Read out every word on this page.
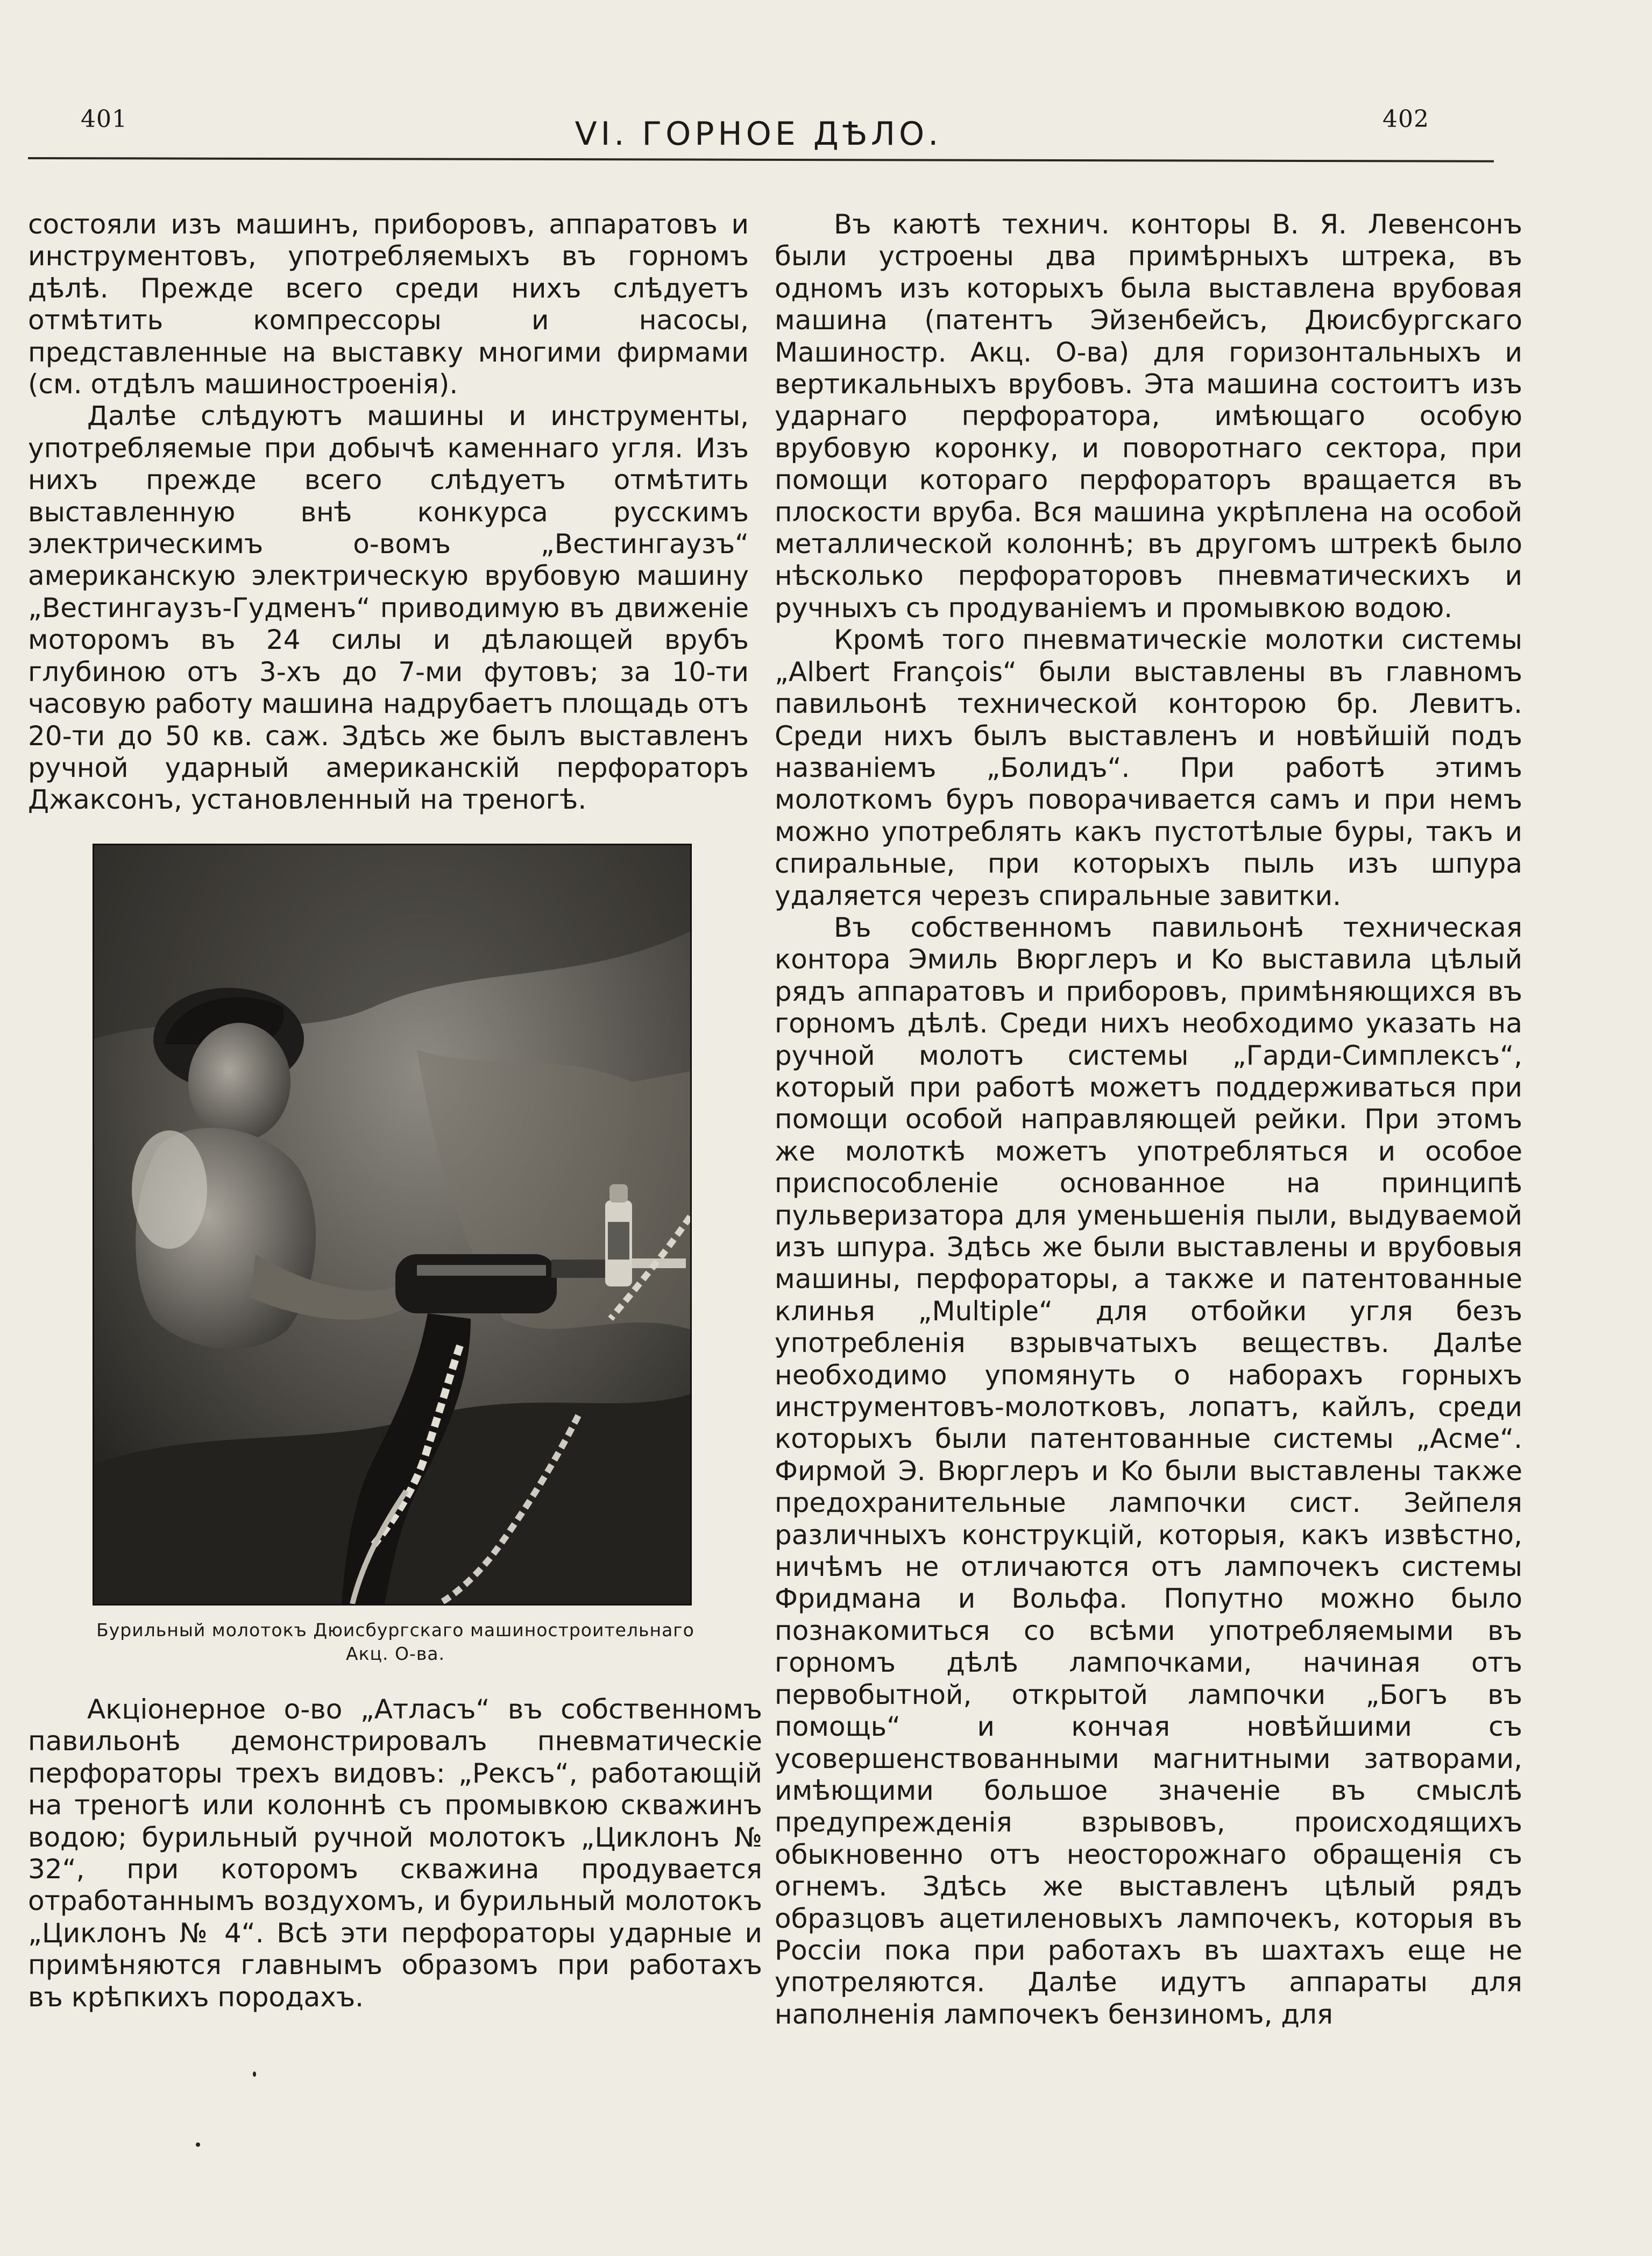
401	VI. ГОРНОЕ ДѢЛО.	402

состояли изъ машинъ, приборовъ, аппаратовъ и инструментовъ, употребляемыхъ въ горномъ дѣлѣ. Прежде всего среди нихъ слѣдуетъ отмѣтить компрессоры и насосы, представленные на выставку многими фирмами (см. отдѣлъ машиностроенія).

Далѣе слѣдуютъ машины и инструменты, употребляемые при добычѣ каменнаго угля. Изъ нихъ прежде всего слѣдуетъ отмѣтить выставленную внѣ конкурса русскимъ электрическимъ о-вомъ „Вестингаузъ“ американскую электрическую врубовую машину „Вестингаузъ-Гудменъ“ приводимую въ движеніе моторомъ въ 24 силы и дѣлающей врубъ глубиною отъ 3-хъ до 7-ми футовъ; за 10-ти часовую работу машина надрубаетъ площадь отъ 20-ти до 50 кв. саж. Здѣсь же былъ выставленъ ручной ударный американскій перфораторъ Джаксонъ, установленный на треногѣ.

Бурильный молотокъ Дюисбургскаго машиностроительнаго Акц. О-ва.

Акціонерное о-во „Атласъ“ въ собственномъ павильонѣ демонстрировалъ пневматическіе перфораторы трехъ видовъ: „Рексъ“, работающій на треногѣ или колоннѣ съ промывкою скважинъ водою; бурильный ручной молотокъ „Циклонъ № 32“, при которомъ скважина продувается отработаннымъ воздухомъ, и бурильный молотокъ „Циклонъ № 4“. Всѣ эти перфораторы ударные и примѣняются главнымъ образомъ при работахъ въ крѣпкихъ породахъ.

Въ каютѣ технич. конторы В. Я. Левенсонъ были устроены два примѣрныхъ штрека, въ одномъ изъ которыхъ была выставлена врубовая машина (патентъ Эйзенбейсъ, Дюисбургскаго Машиностр. Акц. О-ва) для горизонтальныхъ и вертикальныхъ врубовъ. Эта машина состоитъ изъ ударнаго перфоратора, имѣющаго особую врубовую коронку, и поворотнаго сектора, при помощи котораго перфораторъ вращается въ плоскости вруба. Вся машина укрѣплена на особой металлической колоннѣ; въ другомъ штрекѣ было нѣсколько перфораторовъ пневматическихъ и ручныхъ съ продуваніемъ и промывкою водою.

Кромѣ того пневматическіе молотки системы „Albert François“ были выставлены въ главномъ павильонѣ технической конторою бр. Левитъ. Среди нихъ былъ выставленъ и новѣйшій подъ названіемъ „Болидъ“. При работѣ этимъ молоткомъ буръ поворачивается самъ и при немъ можно употреблять какъ пустотѣлые буры, такъ и спиральные, при которыхъ пыль изъ шпура удаляется черезъ спиральные завитки.

Въ собственномъ павильонѣ техническая контора Эмиль Вюрглеръ и Ko выставила цѣлый рядъ аппаратовъ и приборовъ, примѣняющихся въ горномъ дѣлѣ. Среди нихъ необходимо указать на ручной молотъ системы „Гарди-Симплексъ“, который при работѣ можетъ поддерживаться при помощи особой направляющей рейки. При этомъ же молоткѣ можетъ употребляться и особое приспособленіе основанное на принципѣ пульверизатора для уменьшенія пыли, выдуваемой изъ шпура. Здѣсь же были выставлены и врубовыя машины, перфораторы, а также и патентованные клинья „Multiple“ для отбойки угля безъ употребленія взрывчатыхъ веществъ. Далѣе необходимо упомянуть о наборахъ горныхъ инструментовъ-молотковъ, лопатъ, кайлъ, среди которыхъ были патентованные системы „Асме“. Фирмой Э. Вюрглеръ и Ko были выставлены также предохранительные лампочки сист. Зейпеля различныхъ конструкцій, которыя, какъ извѣстно, ничѣмъ не отличаются отъ лампочекъ системы Фридмана и Вольфа. Попутно можно было познакомиться со всѣми употребляемыми въ горномъ дѣлѣ лампочками, начиная отъ первобытной, открытой лампочки „Богъ въ помощь“ и кончая новѣйшими съ усовершенствованными магнитными затворами, имѣющими большое значеніе въ смыслѣ предупрежденія взрывовъ, происходящихъ обыкновенно отъ неосторожнаго обращенія съ огнемъ. Здѣсь же выставленъ цѣлый рядъ образцовъ ацетиленовыхъ лампочекъ, которыя въ Россіи пока при работахъ въ шахтахъ еще не употреляются. Далѣе идутъ аппараты для наполненія лампочекъ бензиномъ, для
